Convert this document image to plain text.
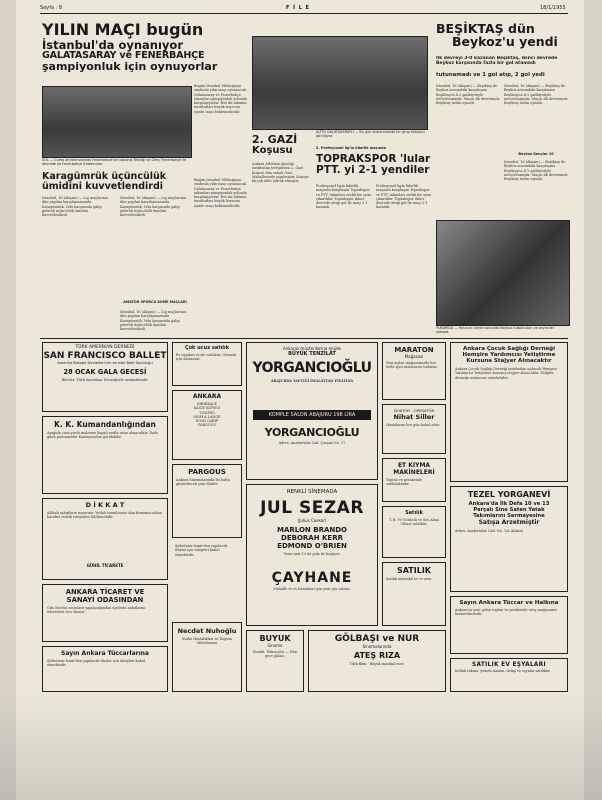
Sayfa : 8	F İ L E	18/1/1955

YILIN MAÇI bugün

İstanbul'da oynanıyor

GALATASARAY ve FENERBAHÇE

şampiyonluk için oynuyorlar

SOL — Cuma antrenmanında Fenerbahçe'nin kapanış Tekniği ve Genç Fenerbahçe ile devrede de Fenerbahçe futbolcuları.
Bugün İstanbul Mithatpaşa stadında yılın maçı oynanacak. Galatasaray ve Fenerbahçe takımları şampiyonluk yolunda karşılaşıyorlar. Her iki takımın taraftarları büyük heyecan içinde maçı beklemektedir.

Karagümrük üçüncülük

ümidini kuvvetlendirdi

İstanbul, 16 (Akşam) — Lig maçlarının dün yapılan karşılaşmasında Karagümrük, Vefa karşısında galip gelerek üçüncülük ümidini kuvvetlendirdi.
İstanbul, 16 (Akşam) — Lig maçlarının dün yapılan karşılaşmasında Karagümrük, Vefa karşısında galip gelerek üçüncülük ümidini kuvvetlendirdi.
AMATÖR SPORCU KÜME MAÇLARI
İstanbul, 16 (Akşam) — Lig maçlarının dün yapılan karşılaşmasında Karagümrük, Vefa karşısında galip gelerek üçüncülük ümidini kuvvetlendirdi.
Bugün İstanbul Mithatpaşa stadında yılın maçı oynanacak. Galatasaray ve Fenerbahçe takımları şampiyonluk yolunda karşılaşıyorlar. Her iki takımın taraftarları büyük heyecan içinde maçı beklemektedir.

2. GAZİ

Koşusu

Ankara Atletizm Ajanlığı tarafından tertiplenen 2. Gazi Koşusu dün sabah Gazi Mahallesinde yapılmıştır. Koşuya birçok atlet iştirak etmiştir.
ALTTA GALATASARAYLI — Bu gün antrenmanda bir grup futbolcu görülüyor.
2. Profesyonel lig'in liderlik maçında

TOPRAKSPOR 'lular

PTT. yi 2-1 yendiler

Profesyonel ligin liderlik maçında karşılaşan Toprakspor ve PTT. takımları zevkli bir oyun çıkardılar. Toprakspor ikinci devrede attığı gol ile maçı 2-1 kazandı.
Profesyonel ligin liderlik maçında karşılaşan Toprakspor ve PTT. takımları zevkli bir oyun çıkardılar. Toprakspor ikinci devrede attığı gol ile maçı 2-1 kazandı.

BEŞİKTAŞ dün

Beykoz'u yendi

İlk devreyi 3-0 kazanan Beşiktaş, ikinci devrede Beykoz karşısında fazla bir gol atamadı
tutunamadı ve 1 gol atıp, 2 gol yedi
İstanbul, 16 (Akşam) — Beşiktaş ile Beykoz arasındaki karşılaşma Beşiktaş'ın 4-2 galibiyetiyle neticelenmiştir. Maçın ilk devresinde Beşiktaş üstün oynadı.
İstanbul, 16 (Akşam) — Beşiktaş ile Beykoz arasındaki karşılaşma Beşiktaş'ın 4-2 galibiyetiyle neticelenmiştir. Maçın ilk devresinde Beşiktaş üstün oynadı.
Beykoz Gençler 10
İstanbul, 16 (Akşam) — Beşiktaş ile Beykoz arasındaki karşılaşma Beşiktaş'ın 4-2 galibiyetiyle neticelenmiştir. Maçın ilk devresinde Beşiktaş üstün oynadı.
YUKARIDA — Yolunun cümle sonunda Beykoz futbolcuları ve seyirciler sahada.

TÜRK AMERİKAN DERNEĞİ

SAN FRANCISCO BALLET

Amerika Birleşik Devletleri'nin en eski Bale Topluluğu

28 OCAK GALA GECESİ

Biletler: Türk Amerikan Derneğinde satılmaktadır.

K. K. Kumandanlığından

Aşağıda cinsi yazılı malzeme kapalı zarfla satın alınacaktır. İhale günü şartnameler Komisyondan görülebilir.

D İ K K A T

Alâkalı sahiplerin nazarına: Yetkili temsilcimiz olan firmamız adına hareket etmek isteyenler bildirmelidir.

GÜHİL TİCARETE

ANKARA TİCARET VE

SANAYİ ODASINDAN

Oda Meclisi seçimleri yapılacağından üyelerin aidatlarını ödemeleri rica olunur.

Sayın Ankara Tüccarlarına

Şirketimiz İzmir'den yapılacak ithalat için talepleri kabul etmektedir.

Çok ucuz satılık

Ev eşyaları acele satılıktır. Görmek için müracaat.

ANKARA

KIRIKKALE
KAĞIT KÖPEĞİ
TİYATRO
MOPLA LANGE
DOMİ GARİF
PARGOUS

PARGOUS

Ankara Sinemalarında bu hafta gösterilecek yeni filmler.
Şirketimiz İzmir'den yapılacak ithalat için talepleri kabul etmektedir.

Necdet Nuhoğlu

Kadın Hastalıkları ve Doğum Mütehassısı

Ankaralı müşterilerine müjde

BÜYÜK TENZİLÂT

YORGANCIOĞLU

ABAJURDA YAPTIĞI İMALÂTTAN FİYATINA
KOMPLE SALON ABAJURU 198 LİRA

YORGANCIOĞLU

Adres: Anafartalar Cad. Çarşım No. 17

RENKLİ SİNEMADA

JUL SEZAR

(Julius Caesar)

MARLON BRANDO

DEBORAH KERR

EDMOND O'BRIEN

Yarın saat 13 de gala ile başlıyor.

ÇAYHANE

Mahalle ve ev hanımları için yeni çay salonu.

BUYUK

Sinema

Renkli, Tekniçolor — Dün gece galası.

GÖLBAŞI ve NUR

Sinemalarında

ATEŞ RIZA

Türk filmi - Büyük müzikal eser.

MARATON

Mağazası

Yeni açılan mağazamızda her türlü spor malzemesi bulunur.

DOKTOR - OPERATÖR

Nihat Siller

Hastalarını her gün kabul eder.

ET KIYMA

MAKİNELERİ

Toptan ve perakende satılmaktadır.

Satılık

T. B. 90 Gelincik ve Ses Alma Cihazı satılıktır.

SATILIK

Satılık müstakil ev ve arsa.

Ankara Çocuk Sağlığı Derneği

Hemşire Yardımcısı Yetiştirme

Kursuna Stajyer Alınacaktır

Ankara Çocuk Sağlığı Derneği tarafından açılacak Hemşire Yardımcısı Yetiştirme kursuna stajyer alınacaktır. Talipler derneğe müracaat etmelidirler.

TEZEL YORGANEVİ

Ankara'da İlk Defa 10 ve 13

Parçalı Sine Saten Yatak

Takımlarını Sermayesine

Satışa Arzetmiştir

Adres: Anafartalar Cad. No. 1/A Ankara

Sayın Ankara Tüccar ve Halkına

Ankara'ya yeni gelen toptan ve perakende satış mağazamız hizmetinizdedir.

SATILIK EV EŞYALARI

Koltuk takımı, yemek masası, dolap ve eşyalar satılıktır.
